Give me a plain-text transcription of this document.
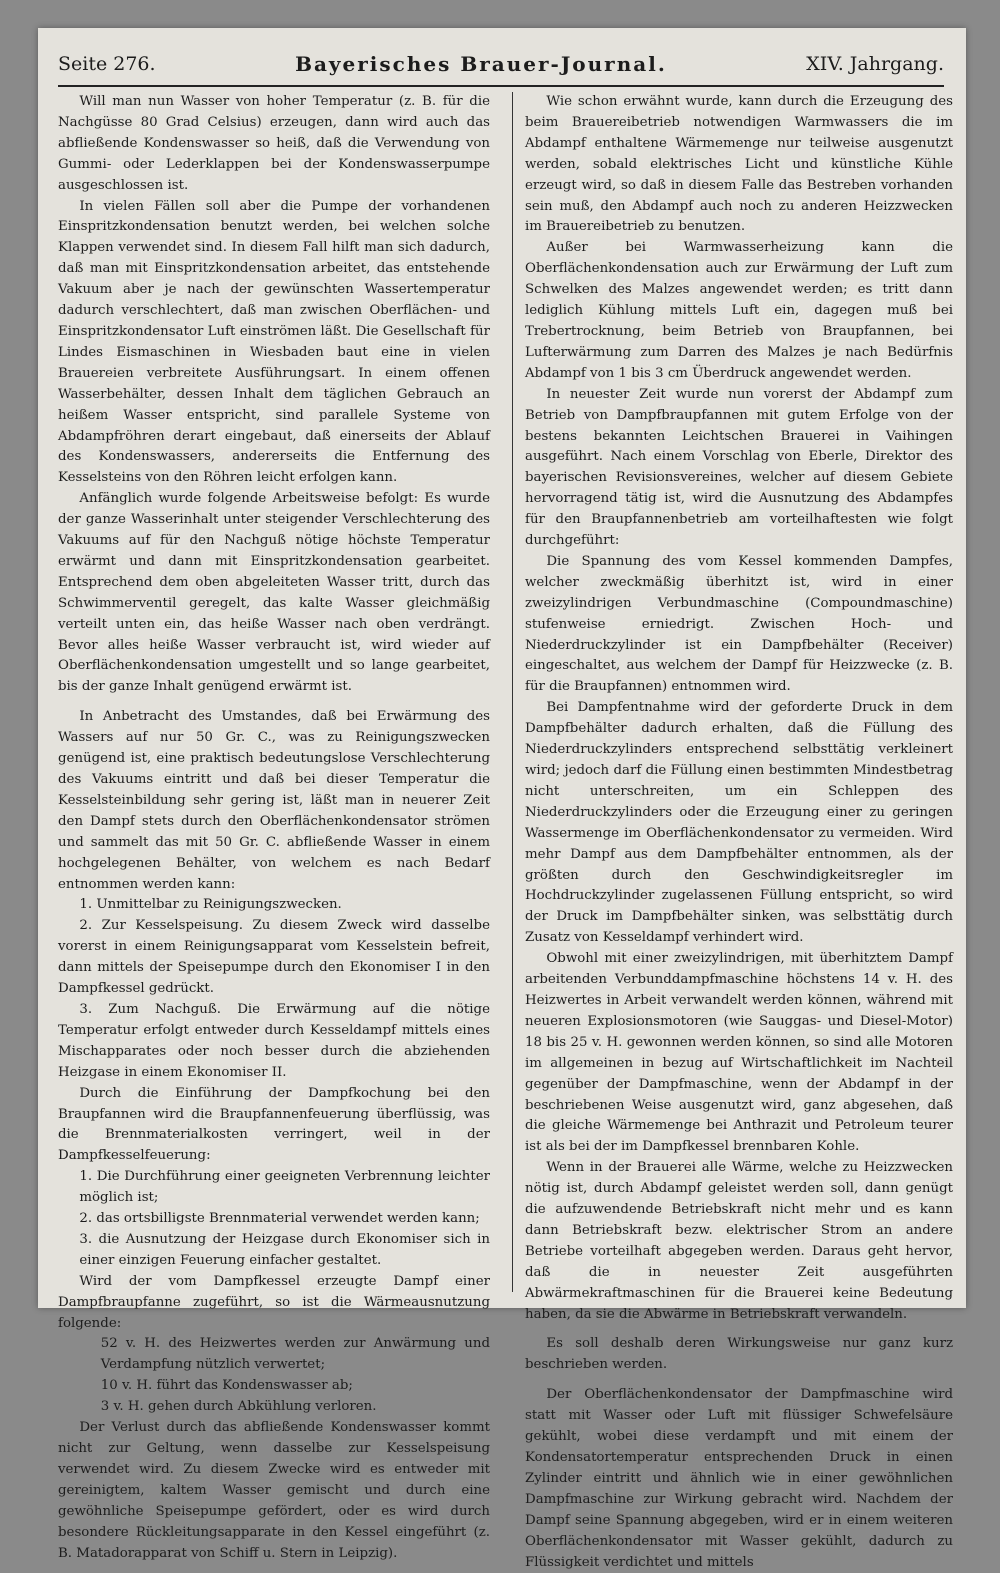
Seite 276.	Bayerisches Brauer-Journal.	XIV. Jahrgang.

Will man nun Wasser von hoher Temperatur (z. B. für die Nachgüsse 80 Grad Celsius) erzeugen, dann wird auch das abfließende Kondenswasser so heiß, daß die Verwendung von Gummi- oder Lederklappen bei der Kondenswasserpumpe ausgeschlossen ist.

In vielen Fällen soll aber die Pumpe der vorhandenen Einspritzkondensation benutzt werden, bei welchen solche Klappen verwendet sind. In diesem Fall hilft man sich dadurch, daß man mit Einspritzkondensation arbeitet, das entstehende Vakuum aber je nach der gewünschten Wassertemperatur dadurch verschlechtert, daß man zwischen Oberflächen- und Einspritzkondensator Luft einströmen läßt. Die Gesellschaft für Lindes Eismaschinen in Wiesbaden baut eine in vielen Brauereien verbreitete Ausführungsart. In einem offenen Wasserbehälter, dessen Inhalt dem täglichen Gebrauch an heißem Wasser entspricht, sind parallele Systeme von Abdampfröhren derart eingebaut, daß einerseits der Ablauf des Kondenswassers, andererseits die Entfernung des Kesselsteins von den Röhren leicht erfolgen kann.

Anfänglich wurde folgende Arbeitsweise befolgt: Es wurde der ganze Wasserinhalt unter steigender Verschlechterung des Vakuums auf für den Nachguß nötige höchste Temperatur erwärmt und dann mit Einspritzkondensation gearbeitet. Entsprechend dem oben abgeleiteten Wasser tritt, durch das Schwimmerventil geregelt, das kalte Wasser gleichmäßig verteilt unten ein, das heiße Wasser nach oben verdrängt. Bevor alles heiße Wasser verbraucht ist, wird wieder auf Oberflächenkondensation umgestellt und so lange gearbeitet, bis der ganze Inhalt genügend erwärmt ist.

In Anbetracht des Umstandes, daß bei Erwärmung des Wassers auf nur 50 Gr. C., was zu Reinigungszwecken genügend ist, eine praktisch bedeutungslose Verschlechterung des Vakuums eintritt und daß bei dieser Temperatur die Kesselsteinbildung sehr gering ist, läßt man in neuerer Zeit den Dampf stets durch den Oberflächenkondensator strömen und sammelt das mit 50 Gr. C. abfließende Wasser in einem hochgelegenen Behälter, von welchem es nach Bedarf entnommen werden kann:

1. Unmittelbar zu Reinigungszwecken.

2. Zur Kesselspeisung. Zu diesem Zweck wird dasselbe vorerst in einem Reinigungsapparat vom Kesselstein befreit, dann mittels der Speisepumpe durch den Ekonomiser I in den Dampfkessel gedrückt.

3. Zum Nachguß. Die Erwärmung auf die nötige Temperatur erfolgt entweder durch Kesseldampf mittels eines Mischapparates oder noch besser durch die abziehenden Heizgase in einem Ekonomiser II.

Durch die Einführung der Dampfkochung bei den Braupfannen wird die Braupfannenfeuerung überflüssig, was die Brennmaterialkosten verringert, weil in der Dampfkesselfeuerung:

1. Die Durchführung einer geeigneten Verbrennung leichter möglich ist;

2. das ortsbilligste Brennmaterial verwendet werden kann;

3. die Ausnutzung der Heizgase durch Ekonomiser sich in einer einzigen Feuerung einfacher gestaltet.

Wird der vom Dampfkessel erzeugte Dampf einer Dampfbraupfanne zugeführt, so ist die Wärmeausnutzung folgende:

52 v. H. des Heizwertes werden zur Anwärmung und Verdampfung nützlich verwertet;

10 v. H. führt das Kondenswasser ab;

3 v. H. gehen durch Abkühlung verloren.

Der Verlust durch das abfließende Kondenswasser kommt nicht zur Geltung, wenn dasselbe zur Kesselspeisung verwendet wird. Zu diesem Zwecke wird es entweder mit gereinigtem, kaltem Wasser gemischt und durch eine gewöhnliche Speisepumpe gefördert, oder es wird durch besondere Rückleitungsapparate in den Kessel eingeführt (z. B. Matadorapparat von Schiff u. Stern in Leipzig).

Wie schon erwähnt wurde, kann durch die Erzeugung des beim Brauereibetrieb notwendigen Warmwassers die im Abdampf enthaltene Wärmemenge nur teilweise ausgenutzt werden, sobald elektrisches Licht und künstliche Kühle erzeugt wird, so daß in diesem Falle das Bestreben vorhanden sein muß, den Abdampf auch noch zu anderen Heizzwecken im Brauereibetrieb zu benutzen.

Außer bei Warmwasserheizung kann die Oberflächenkondensation auch zur Erwärmung der Luft zum Schwelken des Malzes angewendet werden; es tritt dann lediglich Kühlung mittels Luft ein, dagegen muß bei Trebertrocknung, beim Betrieb von Braupfannen, bei Lufterwärmung zum Darren des Malzes je nach Bedürfnis Abdampf von 1 bis 3 cm Überdruck angewendet werden.

In neuester Zeit wurde nun vorerst der Abdampf zum Betrieb von Dampfbraupfannen mit gutem Erfolge von der bestens bekannten Leichtschen Brauerei in Vaihingen ausgeführt. Nach einem Vorschlag von Eberle, Direktor des bayerischen Revisionsvereines, welcher auf diesem Gebiete hervorragend tätig ist, wird die Ausnutzung des Abdampfes für den Braupfannenbetrieb am vorteilhaftesten wie folgt durchgeführt:

Die Spannung des vom Kessel kommenden Dampfes, welcher zweckmäßig überhitzt ist, wird in einer zweizylindrigen Verbundmaschine (Compoundmaschine) stufenweise erniedrigt. Zwischen Hoch- und Niederdruckzylinder ist ein Dampfbehälter (Receiver) eingeschaltet, aus welchem der Dampf für Heizzwecke (z. B. für die Braupfannen) entnommen wird.

Bei Dampfentnahme wird der geforderte Druck in dem Dampfbehälter dadurch erhalten, daß die Füllung des Niederdruckzylinders entsprechend selbsttätig verkleinert wird; jedoch darf die Füllung einen bestimmten Mindestbetrag nicht unterschreiten, um ein Schleppen des Niederdruckzylinders oder die Erzeugung einer zu geringen Wassermenge im Oberflächenkondensator zu vermeiden. Wird mehr Dampf aus dem Dampfbehälter entnommen, als der größten durch den Geschwindigkeitsregler im Hochdruckzylinder zugelassenen Füllung entspricht, so wird der Druck im Dampfbehälter sinken, was selbsttätig durch Zusatz von Kesseldampf verhindert wird.

Obwohl mit einer zweizylindrigen, mit überhitztem Dampf arbeitenden Verbunddampfmaschine höchstens 14 v. H. des Heizwertes in Arbeit verwandelt werden können, während mit neueren Explosionsmotoren (wie Sauggas- und Diesel-Motor) 18 bis 25 v. H. gewonnen werden können, so sind alle Motoren im allgemeinen in bezug auf Wirtschaftlichkeit im Nachteil gegenüber der Dampfmaschine, wenn der Abdampf in der beschriebenen Weise ausgenutzt wird, ganz abgesehen, daß die gleiche Wärmemenge bei Anthrazit und Petroleum teurer ist als bei der im Dampfkessel brennbaren Kohle.

Wenn in der Brauerei alle Wärme, welche zu Heizzwecken nötig ist, durch Abdampf geleistet werden soll, dann genügt die aufzuwendende Betriebskraft nicht mehr und es kann dann Betriebskraft bezw. elektrischer Strom an andere Betriebe vorteilhaft abgegeben werden. Daraus geht hervor, daß die in neuester Zeit ausgeführten Abwärmekraftmaschinen für die Brauerei keine Bedeutung haben, da sie die Abwärme in Betriebskraft verwandeln.

Es soll deshalb deren Wirkungsweise nur ganz kurz beschrieben werden.

Der Oberflächenkondensator der Dampfmaschine wird statt mit Wasser oder Luft mit flüssiger Schwefelsäure gekühlt, wobei diese verdampft und mit einem der Kondensatortemperatur entsprechenden Druck in einen Zylinder eintritt und ähnlich wie in einer gewöhnlichen Dampfmaschine zur Wirkung gebracht wird. Nachdem der Dampf seine Spannung abgegeben, wird er in einem weiteren Oberflächenkondensator mit Wasser gekühlt, dadurch zu Flüssigkeit verdichtet und mittels
